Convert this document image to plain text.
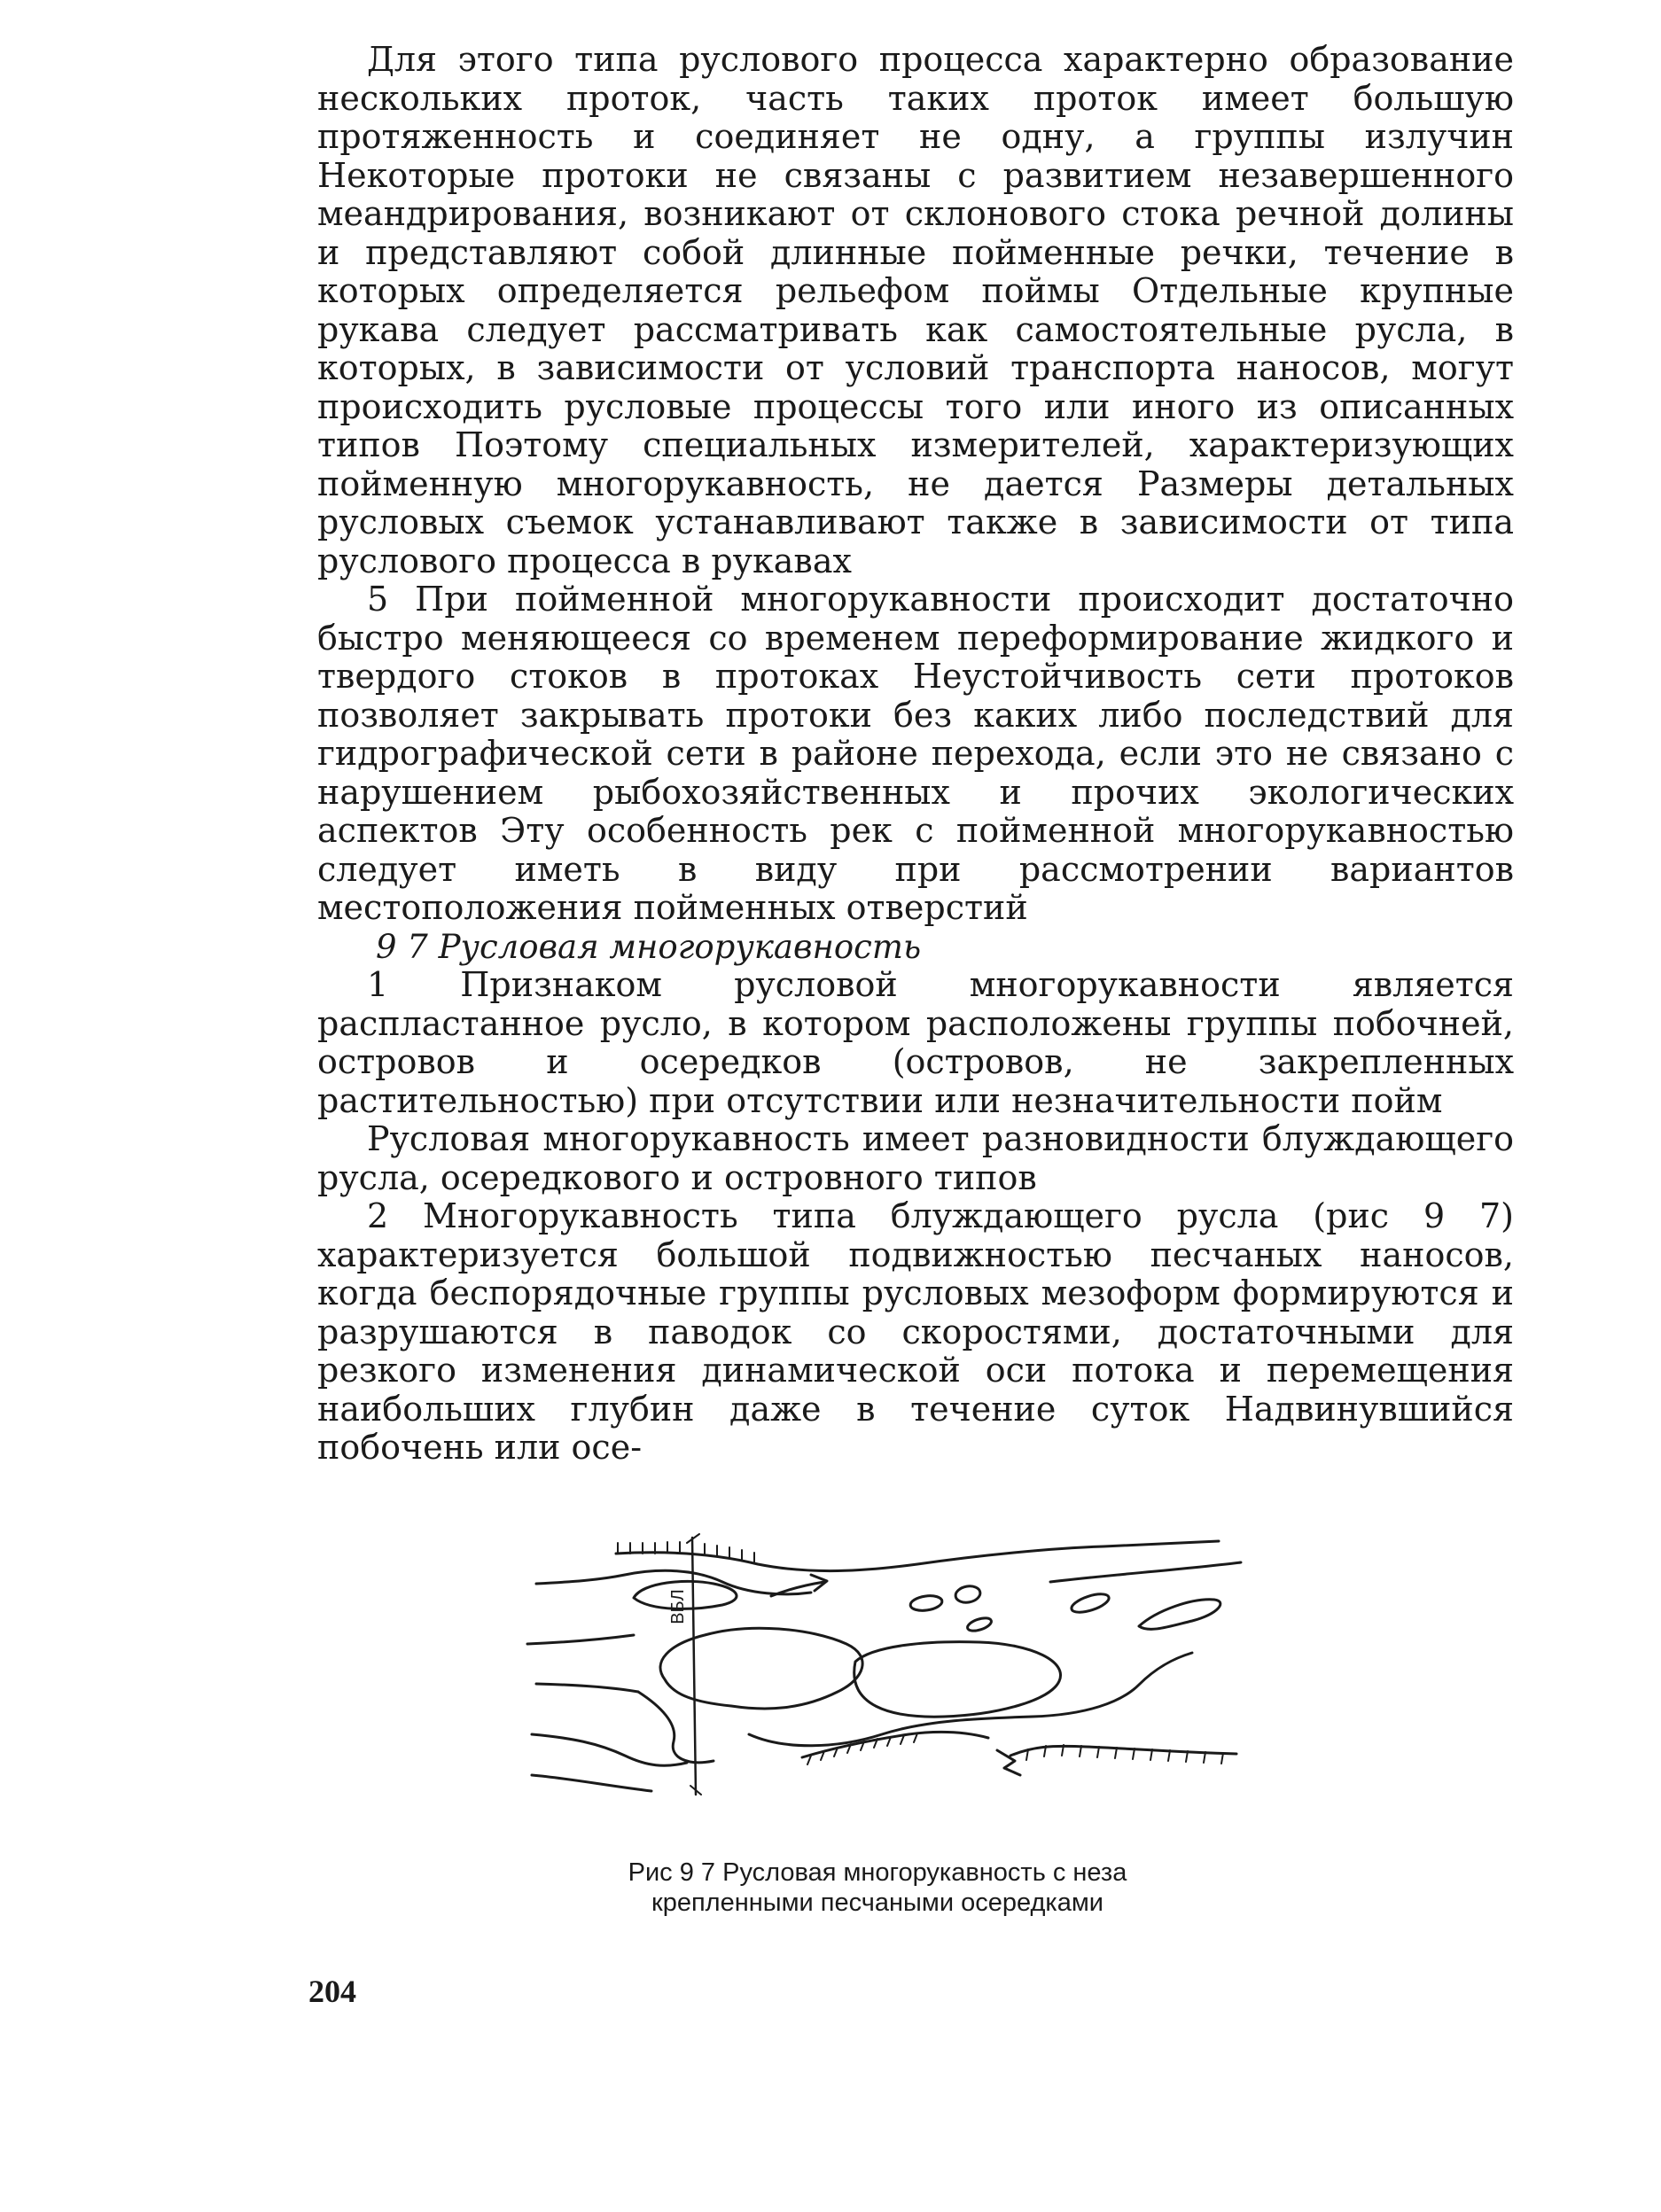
Для этого типа руслового процесса характерно образование нескольких проток, часть таких проток имеет большую протяженность и соединяет не одну, а группы излучин Некоторые протоки не связаны с развитием незавершенного меандрирования, возникают от склонового стока речной долины и представляют собой длинные пойменные речки, течение в которых определяется рельефом поймы Отдельные крупные рукава следует рассматривать как самостоятельные русла, в которых, в зависимости от условий транспорта наносов, могут происходить русловые процессы того или иного из описанных типов Поэтому специальных измерителей, характеризующих пойменную многорукавность, не дается Размеры детальных русловых съемок устанавливают также в зависимости от типа руслового процесса в рукавах

5 При пойменной многорукавности происходит достаточно быстро меняющееся со временем переформирование жидкого и твердого стоков в протоках Неустойчивость сети протоков позволяет закрывать протоки без каких либо последствий для гидрографической сети в районе перехода, если это не связано с нарушением рыбохозяйственных и прочих экологических аспектов Эту особенность рек с пойменной многорукавностью следует иметь в виду при рассмотрении вариантов местоположения пойменных отверстий

9 7 Русловая многорукавность

1 Признаком русловой многорукавности является распластанное русло, в котором расположены группы побочней, островов и осередков (островов, не закрепленных растительностью) при отсутствии или незначительности пойм

Русловая многорукавность имеет разновидности блуждающего русла, осередкового и островного типов

2 Многорукавность типа блуждающего русла (рис 9 7) характеризуется большой подвижностью песчаных наносов, когда беспорядочные группы русловых мезоформ формируются и разрушаются в паводок со скоростями, достаточными для резкого изменения динамической оси потока и перемещения наибольших глубин даже в течение суток Надвинувшийся побочень или осе-

ВБЛ

Рис 9 7 Русловая многорукавность с неза

крепленными песчаными осередками

204
